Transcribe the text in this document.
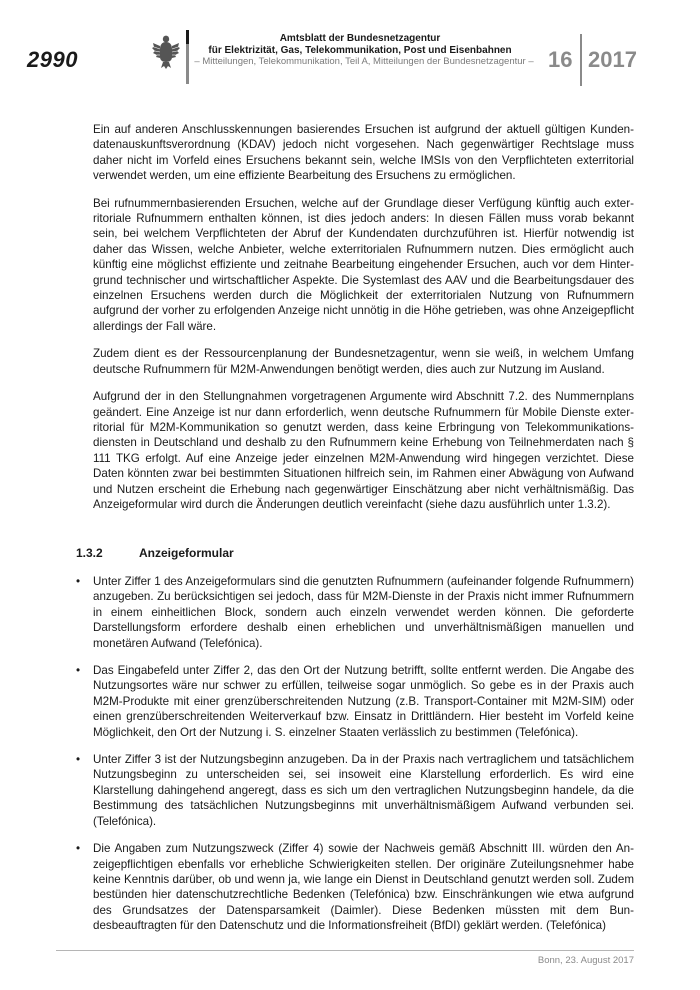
2990
Amtsblatt der Bundesnetzagentur
für Elektrizität, Gas, Telekommunikation, Post und Eisenbahnen
– Mitteilungen, Telekommunikation, Teil A, Mitteilungen der Bundesnetzagentur – 16 2017

Ein auf anderen Anschlusskennungen basierendes Ersuchen ist aufgrund der aktuell gültigen Kundendatenauskunftsverordnung (KDAV) jedoch nicht vorgesehen. Nach gegenwärtiger Rechtslage muss daher nicht im Vorfeld eines Ersuchens bekannt sein, welche IMSIs von den Verpflichteten exterritorial verwendet werden, um eine effiziente Bearbeitung des Ersuchens zu ermöglichen.

Bei rufnummernbasierenden Ersuchen, welche auf der Grundlage dieser Verfügung künftig auch exterritoriale Rufnummern enthalten können, ist dies jedoch anders: In diesen Fällen muss vorab bekannt sein, bei welchem Verpflichteten der Abruf der Kundendaten durchzuführen ist. Hierfür notwendig ist daher das Wissen, welche Anbieter, welche exterritorialen Rufnummern nutzen. Dies ermöglicht auch künftig eine möglichst effiziente und zeitnahe Bearbeitung eingehender Ersuchen, auch vor dem Hintergrund technischer und wirtschaftlicher Aspekte. Die Systemlast des AAV und die Bearbeitungsdauer des einzelnen Ersuchens werden durch die Möglichkeit der exterritorialen Nutzung von Rufnummern aufgrund der vorher zu erfolgenden Anzeige nicht unnötig in die Höhe getrieben, was ohne Anzeigepflicht allerdings der Fall wäre.

Zudem dient es der Ressourcenplanung der Bundesnetzagentur, wenn sie weiß, in welchem Umfang deutsche Rufnummern für M2M-Anwendungen benötigt werden, dies auch zur Nutzung im Ausland.

Aufgrund der in den Stellungnahmen vorgetragenen Argumente wird Abschnitt 7.2. des Nummernplans geändert. Eine Anzeige ist nur dann erforderlich, wenn deutsche Rufnummern für Mobile Dienste exterritorial für M2M-Kommunikation so genutzt werden, dass keine Erbringung von Telekommunikationsdiensten in Deutschland und deshalb zu den Rufnummern keine Erhebung von Teilnehmerdaten nach § 111 TKG erfolgt. Auf eine Anzeige jeder einzelnen M2M-Anwendung wird hingegen verzichtet. Diese Daten könnten zwar bei bestimmten Situationen hilfreich sein, im Rahmen einer Abwägung von Aufwand und Nutzen erscheint die Erhebung nach gegenwärtiger Einschätzung aber nicht verhältnismäßig. Das Anzeigeformular wird durch die Änderungen deutlich vereinfacht (siehe dazu ausführlich unter 1.3.2).

1.3.2	Anzeigeformular
• Unter Ziffer 1 des Anzeigeformulars sind die genutzten Rufnummern (aufeinander folgende Rufnummern) anzugeben. Zu berücksichtigen sei jedoch, dass für M2M-Dienste in der Praxis nicht immer Rufnummern in einem einheitlichen Block, sondern auch einzeln verwendet werden können. Die geforderte Darstellungsform erfordere deshalb einen erheblichen und unverhältnismäßigen manuellen und monetären Aufwand (Telefónica).
• Das Eingabefeld unter Ziffer 2, das den Ort der Nutzung betrifft, sollte entfernt werden. Die Angabe des Nutzungsortes wäre nur schwer zu erfüllen, teilweise sogar unmöglich. So gebe es in der Praxis auch M2M-Produkte mit einer grenzüberschreitenden Nutzung (z.B. Transport-Container mit M2M-SIM) oder einen grenzüberschreitenden Weiterverkauf bzw. Einsatz in Drittländern. Hier besteht im Vorfeld keine Möglichkeit, den Ort der Nutzung i. S. einzelner Staaten verlässlich zu bestimmen (Telefónica).
• Unter Ziffer 3 ist der Nutzungsbeginn anzugeben. Da in der Praxis nach vertraglichem und tatsächlichem Nutzungsbeginn zu unterscheiden sei, sei insoweit eine Klarstellung erforderlich. Es wird eine Klarstellung dahingehend angeregt, dass es sich um den vertraglichen Nutzungsbeginn handele, da die Bestimmung des tatsächlichen Nutzungsbeginns mit unverhältnismäßigem Aufwand verbunden sei. (Telefónica).
• Die Angaben zum Nutzungszweck (Ziffer 4) sowie der Nachweis gemäß Abschnitt III. würden den Anzeigepflichtigen ebenfalls vor erhebliche Schwierigkeiten stellen. Der originäre Zuteilungsnehmer habe keine Kenntnis darüber, ob und wenn ja, wie lange ein Dienst in Deutschland genutzt werden soll. Zudem bestünden hier datenschutzrechtliche Bedenken (Telefónica) bzw. Einschränkungen wie etwa aufgrund des Grundsatzes der Datensparsamkeit (Daimler). Diese Bedenken müssten mit dem Bundesbeauftragten für den Datenschutz und die Informationsfreiheit (BfDI) geklärt werden. (Telefónica)
Bonn, 23. August 2017
